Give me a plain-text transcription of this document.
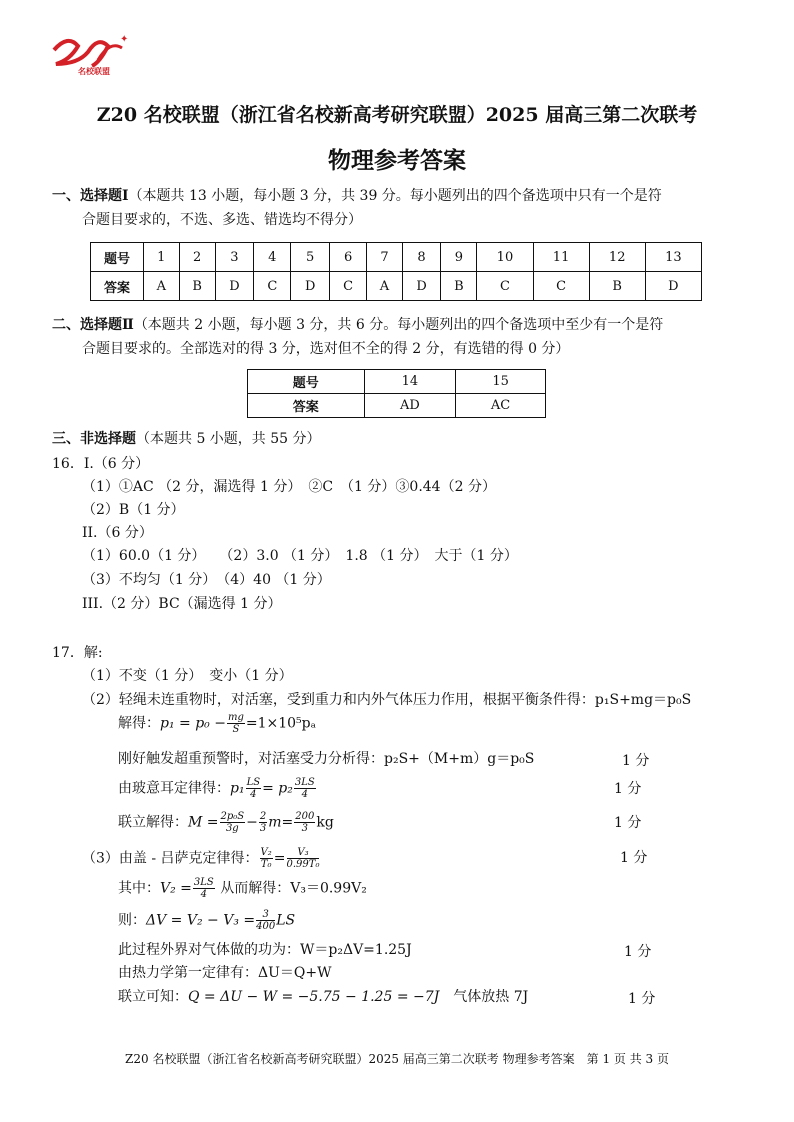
✦
名校联盟
Z20 名校联盟（浙江省名校新高考研究联盟）2025 届高三第二次联考
物理参考答案
一、选择题Ⅰ（本题共 13 小题，每小题 3 分，共 39 分。每小题列出的四个备选项中只有一个是符
合题目要求的，不选、多选、错选均不得分）
题号	1	2	3	4	5	6	7	8	9	10	11	12	13
答案	A	B	D	C	D	C	A	D	B	C	C	B	D
二、选择题Ⅱ（本题共 2 小题，每小题 3 分，共 6 分。每小题列出的四个备选项中至少有一个是符
合题目要求的。全部选对的得 3 分，选对但不全的得 2 分，有选错的得 0 分）
题号	14	15
答案	AD	AC
三、非选择题（本题共 5 小题，共 55 分）
16．I.（6 分）
（1）①AC （2 分，漏选得 1 分）　②C　（1 分）③0.44（2 分）
（2）B（1 分）
II.（6 分）
（1）60.0（1 分）　　（2）3.0 （1 分）　1.8 （1 分）　大于（1 分）
（3）不均匀（1 分）　（4）40 （1 分）
III.（2 分）BC（漏选得 1 分）
17．解:
（1）不变（1 分）　变小（1 分）
（2）轻绳未连重物时，对活塞，受到重力和内外气体压力作用，根据平衡条件得：p₁S+mg＝p₀S
解得：$p_1 = p_0 - \frac{mg}{S} =1\times 10^5p_a$
刚好触发超重预警时，对活塞受力分析得：p₂S+（M+m）g＝p₀S	1 分
由玻意耳定律得：$p_1 \frac{LS}{4} = p_2 \frac{3LS}{4}$	1 分
联立解得：$M = \frac{\text{2p₀S}}{3g} - \frac{2}{3} m= \frac{200}{3}$ kg	1 分
（3）由盖 - 吕萨克定律得： $\frac{\text{V₂}}{\text{T₀}} = \frac{\text{V₃}}{\text{0.99T₀}}$	1 分
其中：$V_2 = \frac{3LS}{4}$ 从而解得：V₃＝0.99V₂
则：$\Delta V = V_2 - V_3 = \frac{3}{400}$ LS
此过程外界对气体做的功为：W＝p₂ΔV=1.25J	1 分
由热力学第一定律有：ΔU＝Q+W
联立可知：Q = ΔU − W = −5.75 − 1.25 = −7J　气体放热 7J	1 分
Z20 名校联盟（浙江省名校新高考研究联盟）2025 届高三第二次联考 物理参考答案　第 1 页 共 3 页
